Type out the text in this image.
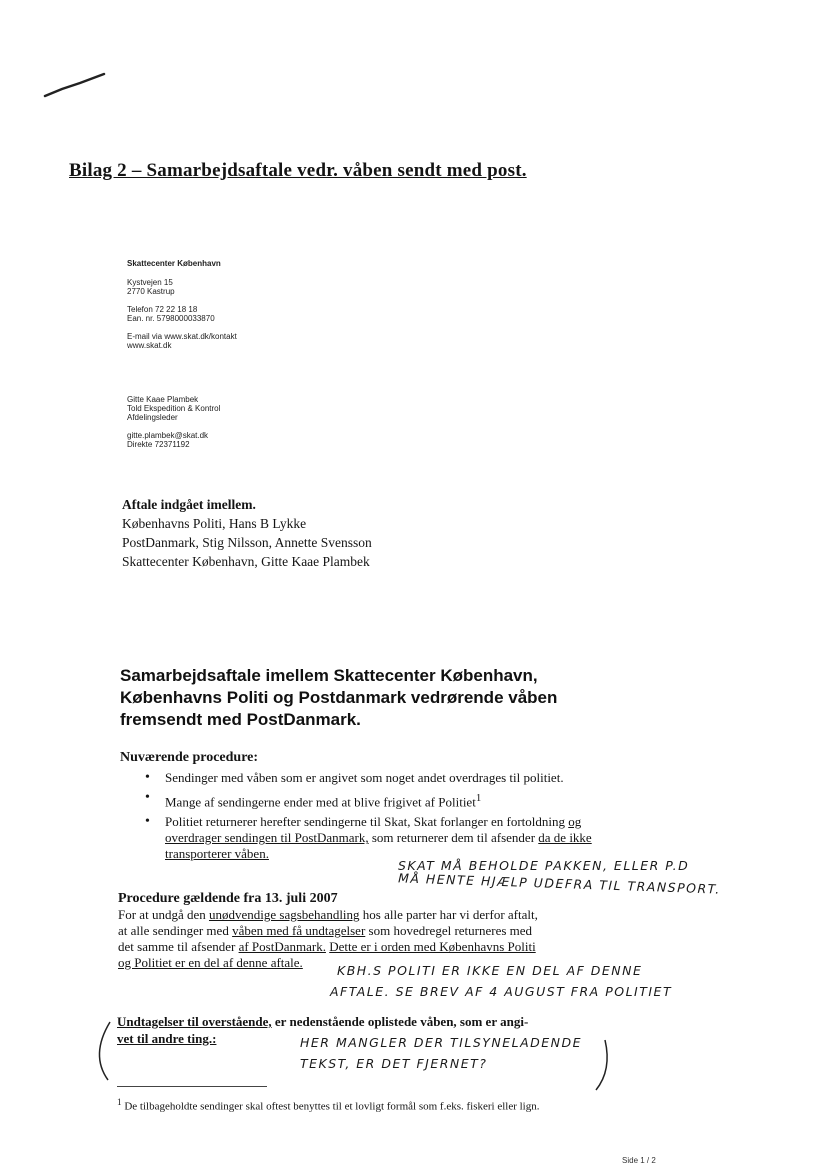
Bilag 2 – Samarbejdsaftale vedr. våben sendt med post.
Skattecenter København
Kystvejen 15
2770 Kastrup
Telefon 72 22 18 18
Ean. nr. 5798000033870
E-mail via www.skat.dk/kontakt
www.skat.dk
Gitte Kaae Plambek
Told Ekspedition & Kontrol
Afdelingsleder
gitte.plambek@skat.dk
Direkte 72371192
Aftale indgået imellem.
Københavns Politi, Hans B Lykke
PostDanmark, Stig Nilsson, Annette Svensson
Skattecenter København, Gitte Kaae Plambek
Samarbejdsaftale imellem Skattecenter København,
Københavns Politi og Postdanmark vedrørende våben
fremsendt med PostDanmark.
Nuværende procedure:
• Sendinger med våben som er angivet som noget andet overdrages til politiet.
• Mange af sendingerne ender med at blive frigivet af Politiet$^1$
• Politiet returnerer herefter sendingerne til Skat, Skat forlanger en fortoldning og overdrager sendingen til PostDanmark, som returnerer dem til afsender da de ikke transporterer våben.
SKAT MÅ BEHOLDE PAKKEN, ELLER P.D
MÅ HENTE HJÆLP UDEFRA TIL TRANSPORT.
Procedure gældende fra 13. juli 2007
For at undgå den unødvendige sagsbehandling hos alle parter har vi derfor aftalt,
at alle sendinger med våben med få undtagelser som hovedregel returneres med
det samme til afsender af PostDanmark. Dette er i orden med Københavns Politi
og Politiet er en del af denne aftale.
KBH.S POLITI ER IKKE EN DEL AF DENNE
AFTALE. SE BREV AF 4 AUGUST FRA POLITIET
Undtagelser til overstående, er nedenstående oplistede våben, som er angi-
vet til andre ting.:	HER MANGLER DER TILSYNELADENDE
TEKST, ER DET FJERNET?
$^1$ De tilbageholdte sendinger skal oftest benyttes til et lovligt formål som f.eks. fiskeri eller lign.
Side 1 / 2
